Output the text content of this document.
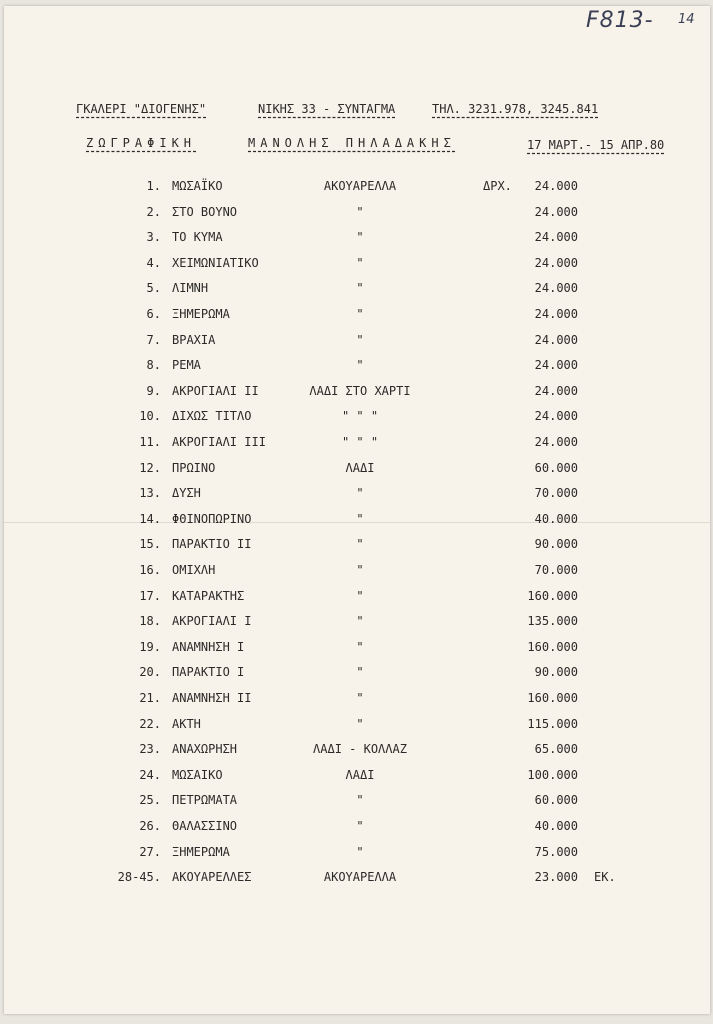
F813- 14
ΓΚΑΛΕΡΙ "ΔΙΟΓΕΝΗΣ"	ΝΙΚΗΣ 33 - ΣΥΝΤΑΓΜΑ	ΤΗΛ. 3231.978, 3245.841
ΖΩΓΡΑΦΙΚΗ	ΜΑΝΟΛΗΣ ΠΗΛΑΔΑΚΗΣ	17 ΜΑΡΤ.- 15 ΑΠΡ.80
1. ΜΩΣΑΪΚΟ	ΑΚΟΥΑΡΕΛΛΑ	ΔΡΧ. 24.000
2. ΣΤΟ ΒΟΥΝΟ	"	24.000
3. ΤΟ ΚΥΜΑ	"	24.000
4. ΧΕΙΜΩΝΙΑΤΙΚΟ	"	24.000
5. ΛΙΜΝΗ	"	24.000
6. ΞΗΜΕΡΩΜΑ	"	24.000
7. ΒΡΑΧΙΑ	"	24.000
8. ΡΕΜΑ	"	24.000
9. ΑΚΡΟΓΙΑΛΙ II	ΛΑΔΙ ΣΤΟ ΧΑΡΤΙ	24.000
10. ΔΙΧΩΣ ΤΙΤΛΟ	" " "	24.000
11. ΑΚΡΟΓΙΑΛΙ III	" " "	24.000
12. ΠΡΩΙΝΟ	ΛΑΔΙ	60.000
13. ΔΥΣΗ	"	70.000
14. ΦΘΙΝΟΠΩΡΙΝΟ	"	40.000
15. ΠΑΡΑΚΤΙΟ II	"	90.000
16. ΟΜΙΧΛΗ	"	70.000
17. ΚΑΤΑΡΑΚΤΗΣ	"	160.000
18. ΑΚΡΟΓΙΑΛΙ I	"	135.000
19. ΑΝΑΜΝΗΣΗ I	"	160.000
20. ΠΑΡΑΚΤΙΟ I	"	90.000
21. ΑΝΑΜΝΗΣΗ II	"	160.000
22. ΑΚΤΗ	"	115.000
23. ΑΝΑΧΩΡΗΣΗ	ΛΑΔΙ - ΚΟΛΛΑΖ	65.000
24. ΜΩΣΑΙΚΟ	ΛΑΔΙ	100.000
25. ΠΕΤΡΩΜΑΤΑ	"	60.000
26. ΘΑΛΑΣΣΙΝΟ	"	40.000
27. ΞΗΜΕΡΩΜΑ	"	75.000
28-45. ΑΚΟΥΑΡΕΛΛΕΣ	ΑΚΟΥΑΡΕΛΛΑ	23.000 ΕΚ.
